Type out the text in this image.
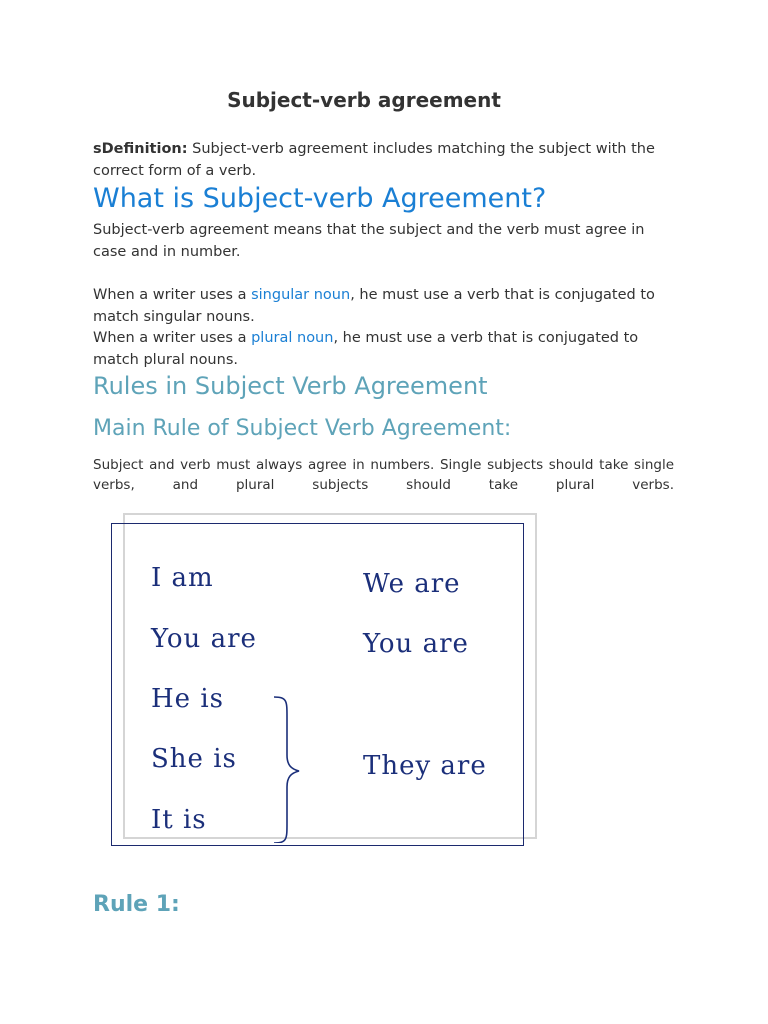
Subject-verb agreement
sDefinition: Subject-verb agreement includes matching the subject with the correct form of a verb.
What is Subject-verb Agreement?
Subject-verb agreement means that the subject and the verb must agree in case and in number.
When a writer uses a singular noun, he must use a verb that is conjugated to match singular nouns.
When a writer uses a plural noun, he must use a verb that is conjugated to match plural nouns.
Rules in Subject Verb Agreement
Main Rule of Subject Verb Agreement:
Subject and verb must always agree in numbers. Single subjects should take single verbs, and plural subjects should take plural verbs.
I am
You are
He is
She is
It is
We are
You are
They are
Rule 1:
